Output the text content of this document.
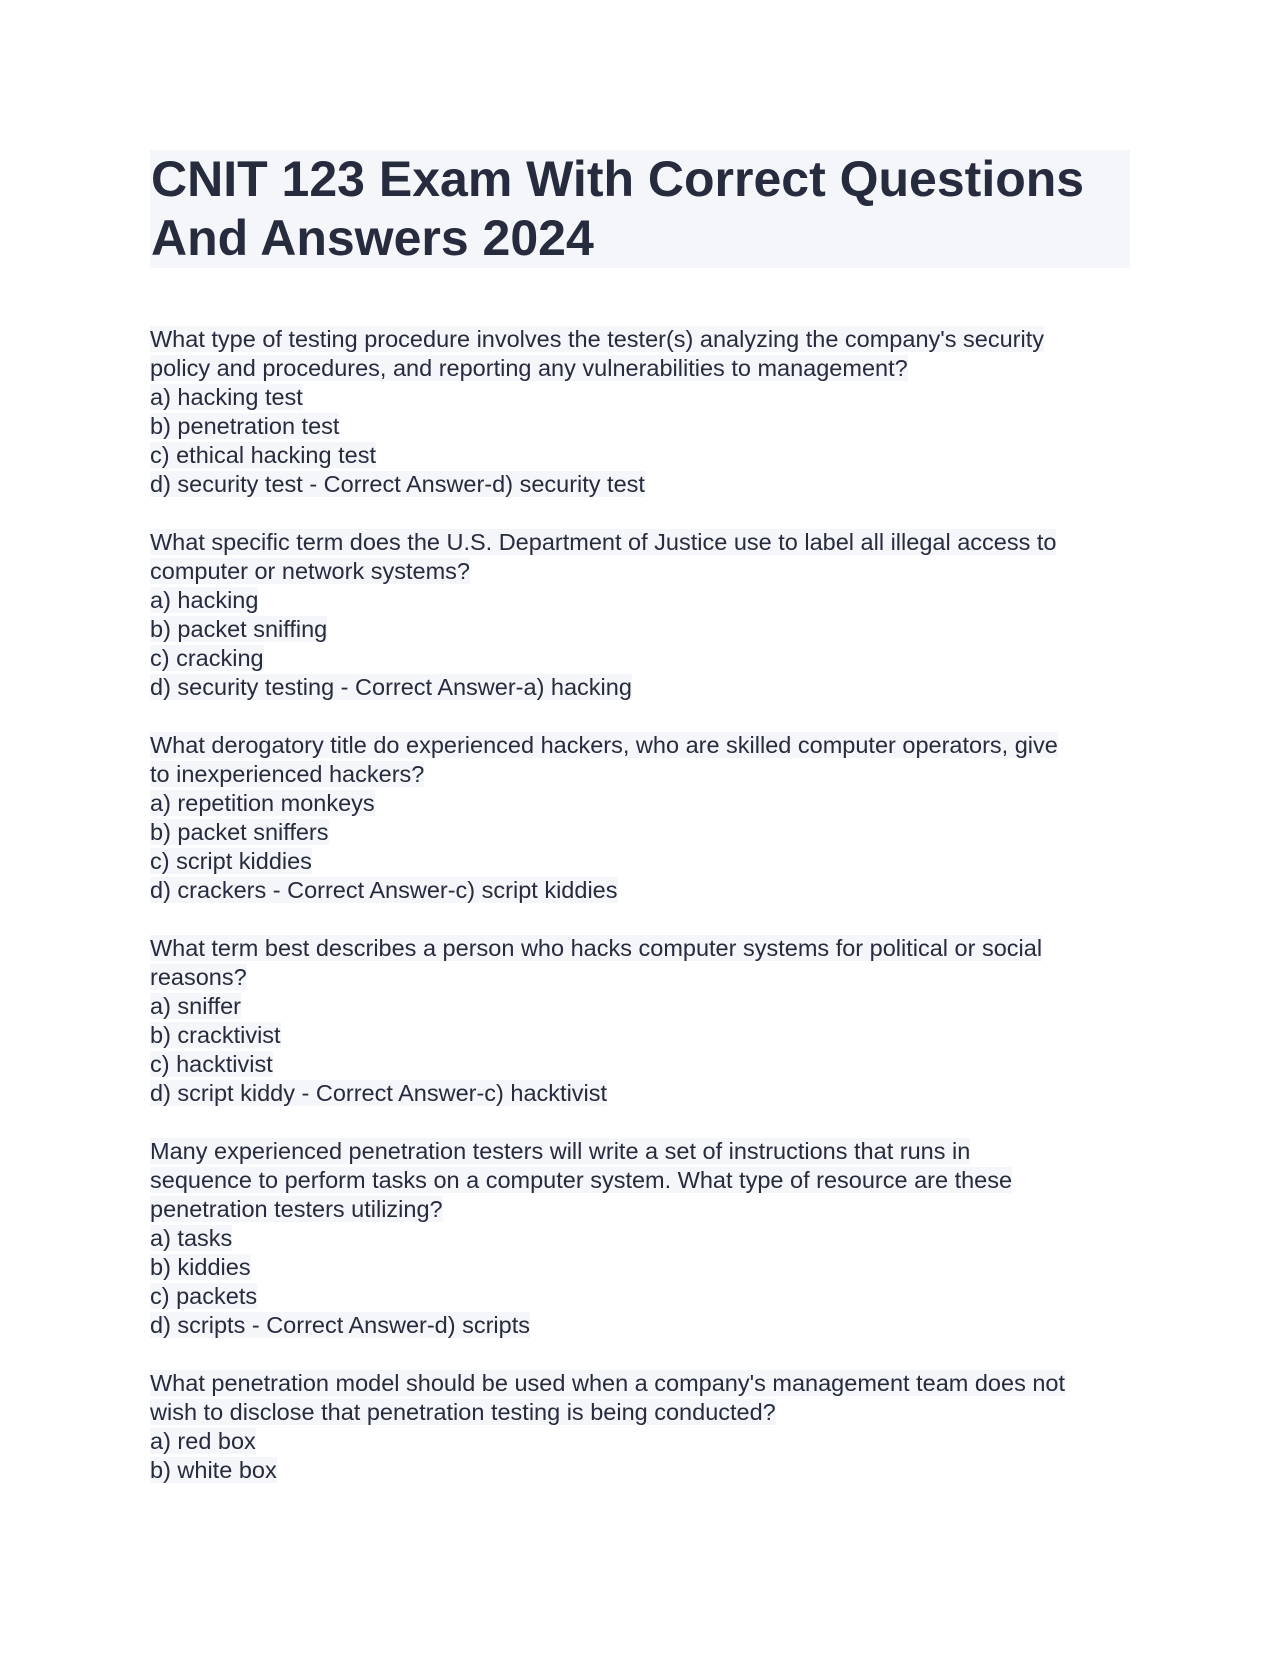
CNIT 123 Exam With Correct Questions
And Answers 2024
What type of testing procedure involves the tester(s) analyzing the company's security
policy and procedures, and reporting any vulnerabilities to management?
a) hacking test
b) penetration test
c) ethical hacking test
d) security test - Correct Answer-d) security test
What specific term does the U.S. Department of Justice use to label all illegal access to
computer or network systems?
a) hacking
b) packet sniffing
c) cracking
d) security testing - Correct Answer-a) hacking
What derogatory title do experienced hackers, who are skilled computer operators, give
to inexperienced hackers?
a) repetition monkeys
b) packet sniffers
c) script kiddies
d) crackers - Correct Answer-c) script kiddies
What term best describes a person who hacks computer systems for political or social
reasons?
a) sniffer
b) cracktivist
c) hacktivist
d) script kiddy - Correct Answer-c) hacktivist
Many experienced penetration testers will write a set of instructions that runs in
sequence to perform tasks on a computer system. What type of resource are these
penetration testers utilizing?
a) tasks
b) kiddies
c) packets
d) scripts - Correct Answer-d) scripts
What penetration model should be used when a company's management team does not
wish to disclose that penetration testing is being conducted?
a) red box
b) white box
